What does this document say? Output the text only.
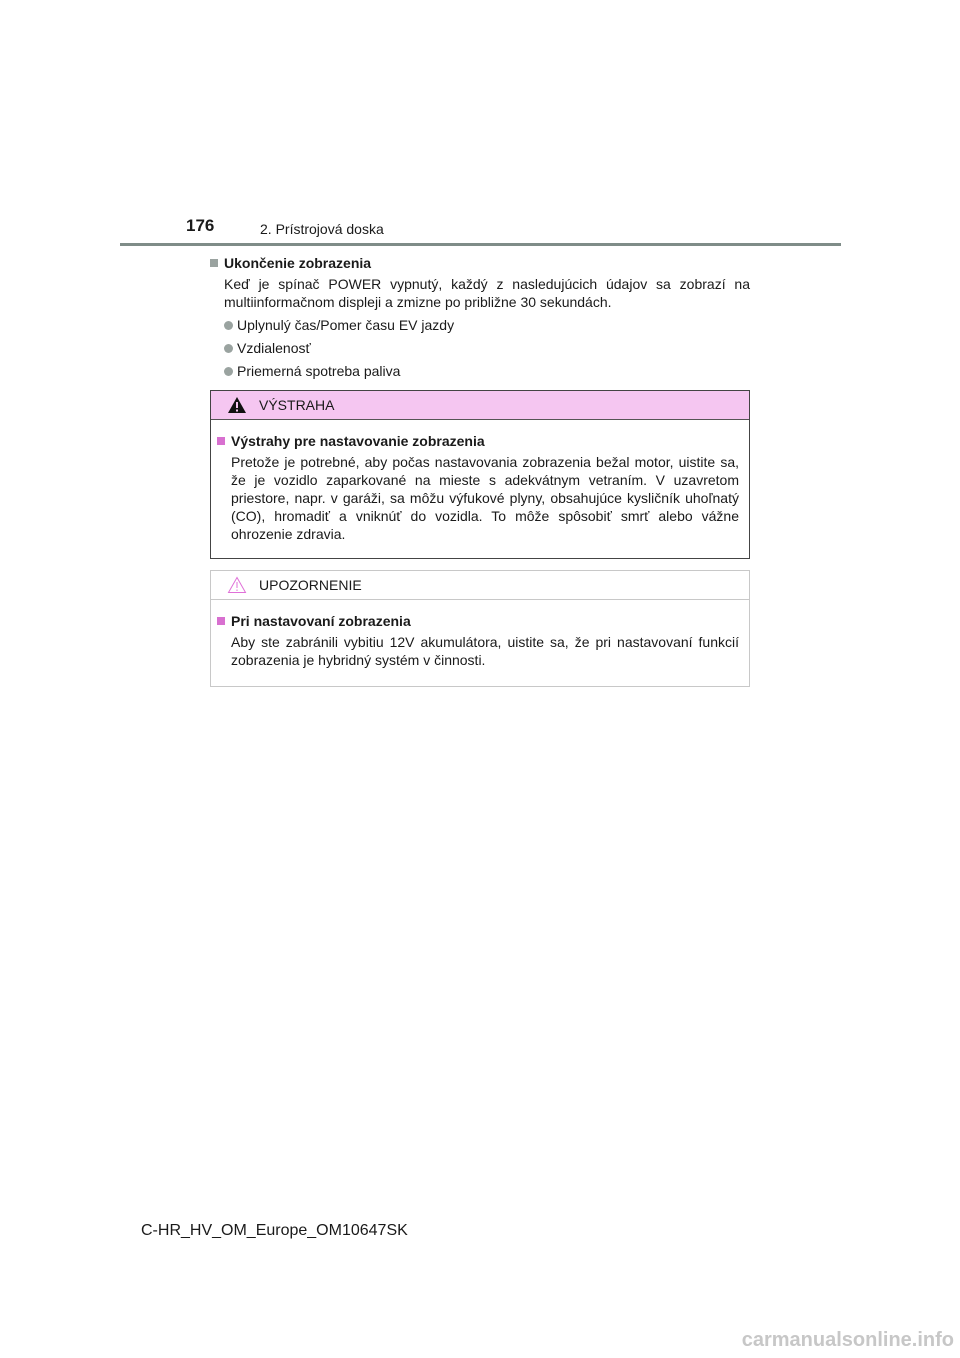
176	2. Prístrojová doska

Ukončenie zobrazenia

Keď je spínač POWER vypnutý, každý z nasledujúcich údajov sa zobrazí na multiinformačnom displeji a zmizne po približne 30 sekundách.

Uplynulý čas/Pomer času EV jazdy
Vzdialenosť
Priemerná spotreba paliva
VÝSTRAHA

Výstrahy pre nastavovanie zobrazenia

Pretože je potrebné, aby počas nastavovania zobrazenia bežal motor, uistite sa, že je vozidlo zaparkované na mieste s adekvátnym vetraním. V uzavretom priestore, napr. v garáži, sa môžu výfukové plyny, obsahujúce kysličník uhoľnatý (CO), hromadiť a vniknúť do vozidla. To môže spôsobiť smrť alebo vážne ohrozenie zdravia.

UPOZORNENIE

Pri nastavovaní zobrazenia

Aby ste zabránili vybitiu 12V akumulátora, uistite sa, že pri nastavovaní funkcií zobrazenia je hybridný systém v činnosti.

C-HR_HV_OM_Europe_OM10647SK
carmanualsonline.info
